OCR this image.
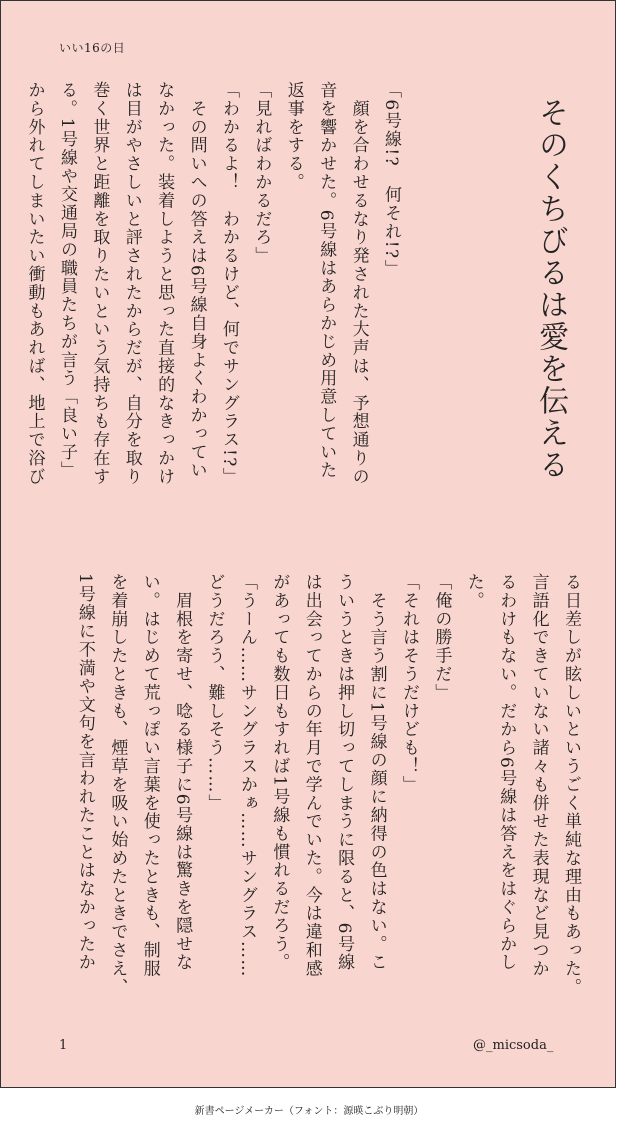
いい16の日
そのくちびるは愛を伝える
「6号線!?　何それ!?」
　顔を合わせるなり発された大声は、予想通りの
音を響かせた。6号線はあらかじめ用意していた
返事をする。
「見ればわかるだろ」
「わかるよ！　わかるけど、何でサングラス!?」
　その問いへの答えは6号線自身よくわかってい
なかった。装着しようと思った直接的なきっかけ
は目がやさしいと評されたからだが、自分を取り
巻く世界と距離を取りたいという気持ちも存在す
る。1号線や交通局の職員たちが言う「良い子」
から外れてしまいたい衝動もあれば、地上で浴び
る日差しが眩しいというごく単純な理由もあった。
言語化できていない諸々も併せた表現など見つか
るわけもない。だから6号線は答えをはぐらかし
た。
「俺の勝手だ」
「それはそうだけども！」
　そう言う割に1号線の顔に納得の色はない。こ
ういうときは押し切ってしまうに限ると、6号線
は出会ってからの年月で学んでいた。今は違和感
があっても数日もすれば1号線も慣れるだろう。
「うーん……サングラスかぁ……サングラス……
どうだろう、難しそう……」
　眉根を寄せ、唸る様子に6号線は驚きを隠せな
い。はじめて荒っぽい言葉を使ったときも、制服
を着崩したときも、煙草を吸い始めたときでさえ、
1号線に不満や文句を言われたことはなかったか
1	@_micsoda_
新書ページメーカー（フォント：源暎こぶり明朝）
